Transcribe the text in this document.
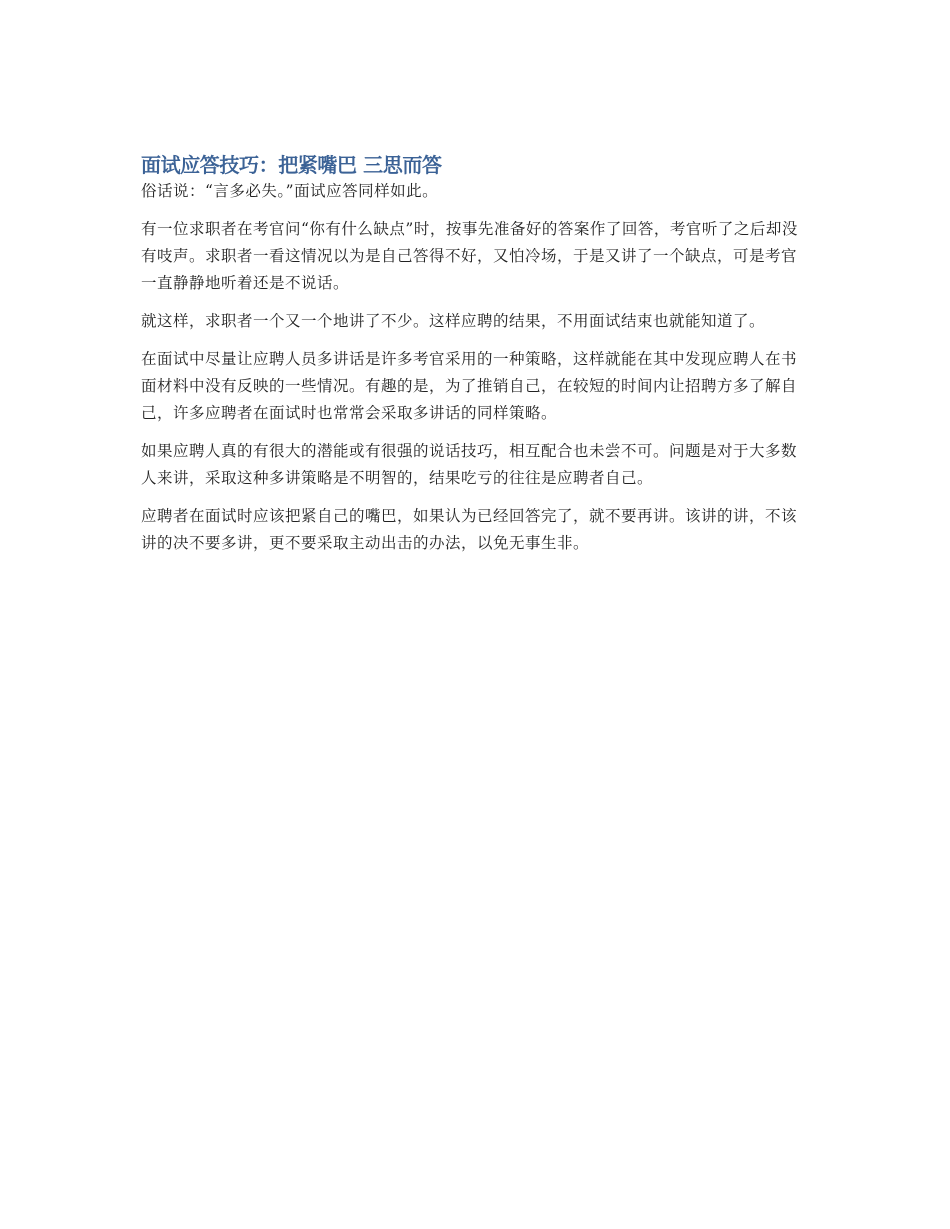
面试应答技巧：把紧嘴巴 三思而答

俗话说：“言多必失。”面试应答同样如此。

有一位求职者在考官问“你有什么缺点”时，按事先准备好的答案作了回答，考官听了之后却没有吱声。求职者一看这情况以为是自己答得不好，又怕冷场，于是又讲了一个缺点，可是考官一直静静地听着还是不说话。

就这样，求职者一个又一个地讲了不少。这样应聘的结果，不用面试结束也就能知道了。

在面试中尽量让应聘人员多讲话是许多考官采用的一种策略，这样就能在其中发现应聘人在书面材料中没有反映的一些情况。有趣的是，为了推销自己，在较短的时间内让招聘方多了解自己，许多应聘者在面试时也常常会采取多讲话的同样策略。

如果应聘人真的有很大的潜能或有很强的说话技巧，相互配合也未尝不可。问题是对于大多数人来讲，采取这种多讲策略是不明智的，结果吃亏的往往是应聘者自己。

应聘者在面试时应该把紧自己的嘴巴，如果认为已经回答完了，就不要再讲。该讲的讲，不该讲的决不要多讲，更不要采取主动出击的办法，以免无事生非。
